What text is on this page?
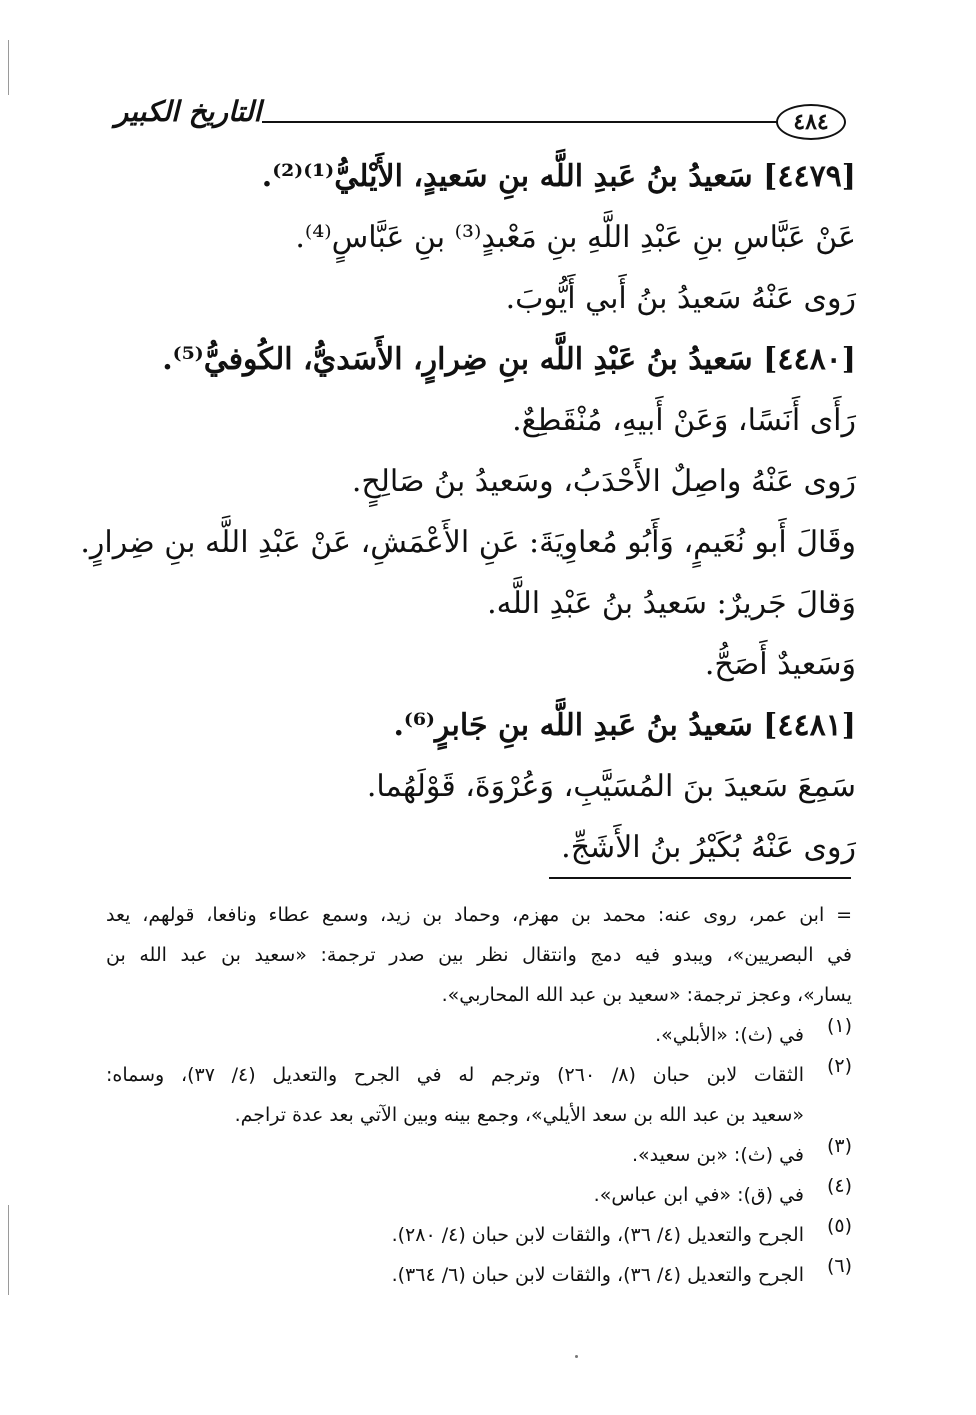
التاريخ الكبير	٤٨٤

[٤٤٧٩] سَعيدُ بنُ عَبدِ اللَّه بنِ سَعيدٍ، الأَيْليُّ⁽¹⁾⁽²⁾.

عَنْ عَبَّاسِ بنِ عَبْدِ اللَّهِ بنِ مَعْبدٍ⁽³⁾ بنِ عَبَّاسٍ⁽⁴⁾.

رَوى عَنْهُ سَعيدُ بنُ أَبي أَيُّوبَ.

[٤٤٨٠] سَعيدُ بنُ عَبْدِ اللَّه بنِ ضِرارٍ، الأَسَديُّ، الكُوفيُّ⁽⁵⁾.

رَأَى أَنَسًا، وَعَنْ أَبيهِ، مُنْقَطِعٌ.

رَوى عَنْهُ واصِلٌ الأَحْدَبُ، وسَعيدُ بنُ صَالِحٍ.

وقَالَ أَبو نُعَيمٍ، وَأَبُو مُعاوِيَةَ: عَنِ الأَعْمَشِ، عَنْ عَبْدِ اللَّه بنِ ضِرارٍ.

وَقالَ جَريرٌ: سَعيدُ بنُ عَبْدِ اللَّه.

وَسَعيدٌ أَصَحُّ.

[٤٤٨١] سَعيدُ بنُ عَبدِ اللَّه بنِ جَابرٍ⁽⁶⁾.

سَمِعَ سَعيدَ بنَ المُسَيَّبِ، وَعُرْوَةَ، قَوْلَهُما.

رَوى عَنْهُ بُكَيْرُ بنُ الأَشَجِّ.

= ابن عمر، روى عنه: محمد بن مهزم، وحماد بن زيد، وسمع عطاء ونافعا، قولهم، يعد

في البصريين»، ويبدو فيه دمج وانتقال نظر بين صدر ترجمة: «سعيد بن عبد الله بن

يسار»، وعجز ترجمة: «سعيد بن عبد الله المحاربي».

(١)

في (ث): «الأبلي».

(٢)

الثقات لابن حبان (٨/ ٢٦٠) وترجم له في الجرح والتعديل (٤/ ٣٧)، وسماه:

«سعيد بن عبد الله بن سعد الأيلي»، وجمع بينه وبين الآتي بعد عدة تراجم.

(٣)

في (ث): «بن سعيد».

(٤)

في (ق): «في ابن عباس».

(٥)

الجرح والتعديل (٤/ ٣٦)، والثقات لابن حبان (٤/ ٢٨٠).

(٦)

الجرح والتعديل (٤/ ٣٦)، والثقات لابن حبان (٦/ ٣٦٤).
